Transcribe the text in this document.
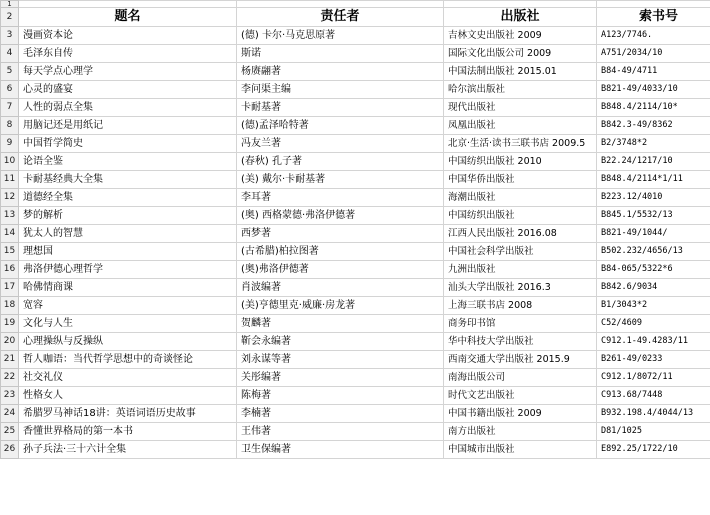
1				
2	题名	责任者	出版社	索书号
3	漫画资本论	(德) 卡尔·马克思原著	吉林文史出版社 2009	A123/7746.
4	毛泽东自传	斯诺	国际文化出版公司 2009	A751/2034/10
5	每天学点心理学	杨赓翮著	中国法制出版社 2015.01	B84-49/4711
6	心灵的盛宴	李问渠主编	哈尔滨出版社	B821-49/4033/10
7	人性的弱点全集	卡耐基著	现代出版社	B848.4/2114/10*
8	用脑记还是用纸记	(德)孟泽哈特著	凤凰出版社	B842.3-49/8362
9	中国哲学简史	冯友兰著	北京·生活·读书三联书店 2009.5	B2/3748*2
10	论语全鉴	(春秋) 孔子著	中国纺织出版社 2010	B22.24/1217/10
11	卡耐基经典大全集	(美) 戴尔·卡耐基著	中国华侨出版社	B848.4/2114*1/11
12	道德经全集	李耳著	海潮出版社	B223.12/4010
13	梦的解析	(奥) 西格蒙德·弗洛伊德著	中国纺织出版社	B845.1/5532/13
14	犹太人的智慧	西梦著	江西人民出版社 2016.08	B821-49/1044/
15	理想国	(古希腊)柏拉图著	中国社会科学出版社	B502.232/4656/13
16	弗洛伊德心理哲学	(奥)弗洛伊德著	九洲出版社	B84-065/5322*6
17	哈佛情商课	肖波编著	汕头大学出版社 2016.3	B842.6/9034
18	宽容	(美)亨德里克·威廉·房龙著	上海三联书店 2008	B1/3043*2
19	文化与人生	贺麟著	商务印书馆	C52/4609
20	心理操纵与反操纵	靳会永编著	华中科技大学出版社	C912.1-49.4283/11
21	哲人咖语：当代哲学思想中的奇谈怪论	刘永谋等著	西南交通大学出版社 2015.9	B261-49/0233
22	社交礼仪	关彤编著	南海出版公司	C912.1/8072/11
23	性格女人	陈梅著	时代文艺出版社	C913.68/7448
24	希腊罗马神话18讲：英语词语历史故事	李楠著	中国书籍出版社 2009	B932.198.4/4044/13
25	香懂世界格局的第一本书	王伟著	南方出版社	D81/1025
26	孙子兵法·三十六计全集	卫生保编著	中国城市出版社	E892.25/1722/10
